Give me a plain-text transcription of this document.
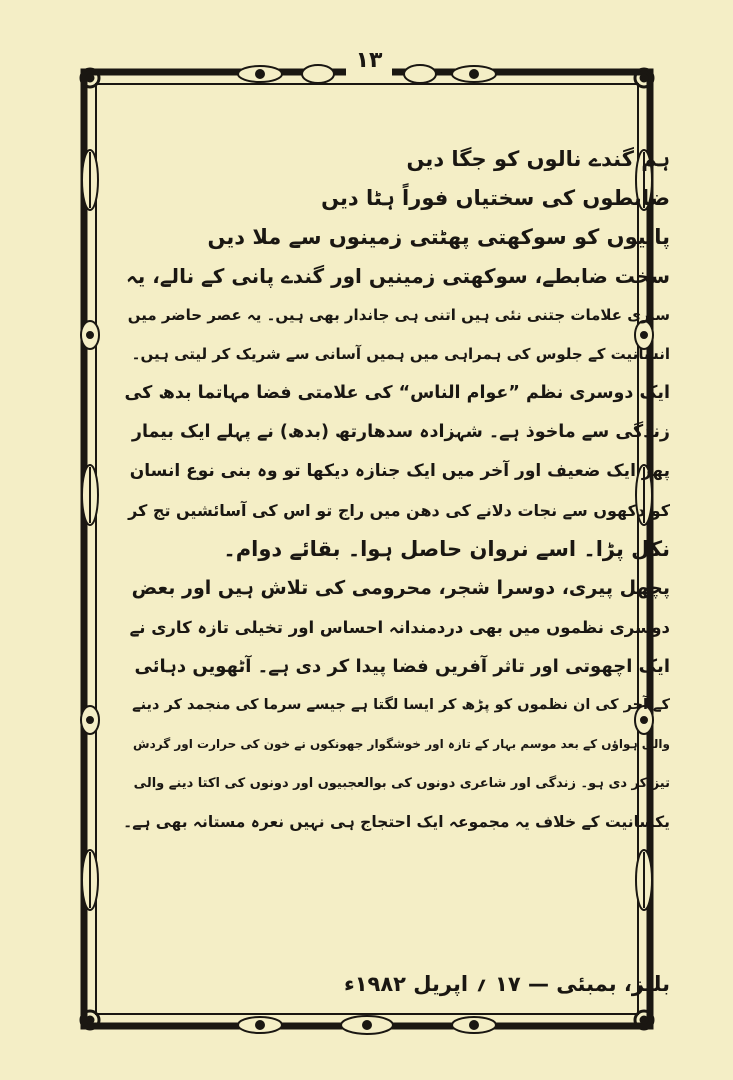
۱۳
ہم گندے نالوں کو جگا دیں
ضابطوں کی سختیاں فوراً ہٹا دیں
پانیوں کو سوکھتی پھٹتی زمینوں سے ملا دیں
سخت ضابطے، سوکھتی زمینیں اور گندے پانی کے نالے، یہ
ساری علامات جتنی نئی ہیں اتنی ہی جاندار بھی ہیں۔ یہ عصر حاضر میں
انسانیت کے جلوس کی ہمراہی میں ہمیں آسانی سے شریک کر لیتی ہیں۔
ایک دوسری نظم ”عوام الناس“ کی علامتی فضا مہاتما بدھ کی
زندگی سے ماخوذ ہے۔ شہزادہ سدھارتھ (بدھ) نے پہلے ایک بیمار
پھر ایک ضعیف اور آخر میں ایک جنازہ دیکھا تو وہ بنی نوع انسان
کو دکھوں سے نجات دلانے کی دھن میں راج تو اس کی آسائشیں تج کر
نکل پڑا۔ اسے نروان حاصل ہوا۔ بقائے دوام۔
پچھل پیری، دوسرا شجر، محرومی کی تلاش ہیں اور بعض
دوسری نظموں میں بھی دردمندانہ احساس اور تخیلی تازہ کاری نے
ایک اچھوتی اور تاثر آفریں فضا پیدا کر دی ہے۔ آٹھویں دہائی
کے آخر کی ان نظموں کو پڑھ کر ایسا لگتا ہے جیسے سرما کی منجمد کر دینے
والی ہواؤں کے بعد موسم بہار کے تازہ اور خوشگوار جھونکوں نے خون کی حرارت اور گردش
تیز کر دی ہو۔ زندگی اور شاعری دونوں کی بوالعجبیوں اور دونوں کی اکتا دینے والی
یکسانیت کے خلاف یہ مجموعہ ایک احتجاج ہی نہیں نعرہ مستانہ بھی ہے۔
بلٹز، بمبئی — ۱۷ ؍ اپریل ۱۹۸۲ء
